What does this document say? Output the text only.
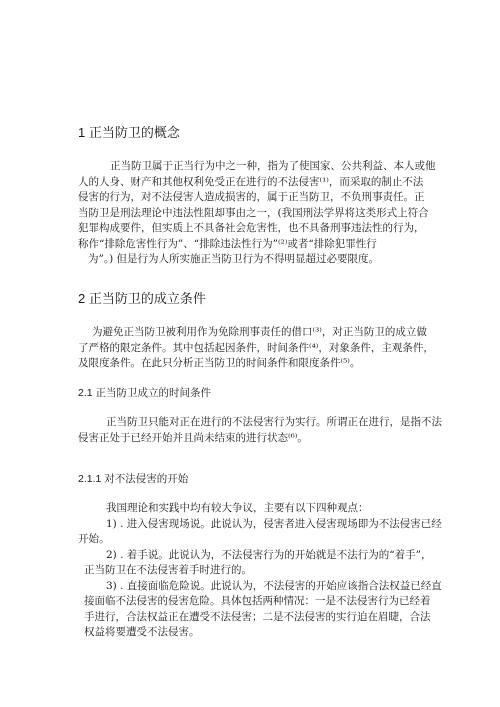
1 正当防卫的概念
正当防卫属于正当行为中之一种，指为了使国家、公共利益、本人或他
人的人身、财产和其他权利免受正在进行的不法侵害⁽¹⁾，而采取的制止不法
侵害的行为，对不法侵害人造成损害的，属于正当防卫，不负刑事责任。正
当防卫是刑法理论中违法性阻却事由之一，(我国刑法学界将这类形式上符合
犯罪构成要件，但实质上不具备社会危害性，也不具备刑事违法性的行为，
称作“排除危害性行为”、“排除违法性行为”⁽²⁾或者“排除犯罪性行
为”。) 但是行为人所实施正当防卫行为不得明显超过必要限度。
2 正当防卫的成立条件
为避免正当防卫被利用作为免除刑事责任的借口⁽³⁾，对正当防卫的成立做
了严格的限定条件。其中包括起因条件，时间条件⁽⁴⁾，对象条件，主观条件，
及限度条件。在此只分析正当防卫的时间条件和限度条件⁽⁵⁾。
2.1 正当防卫成立的时间条件
正当防卫只能对正在进行的不法侵害行为实行。所谓正在进行，是指不法
侵害正处于已经开始并且尚未结束的进行状态⁽⁶⁾。
2.1.1 对不法侵害的开始
我国理论和实践中均有较大争议，主要有以下四种观点：
1) . 进入侵害现场说。此说认为，侵害者进入侵害现场即为不法侵害已经
开始。
2) . 着手说。此说认为，不法侵害行为的开始就是不法行为的“着手”，
正当防卫在不法侵害着手时进行的。
3) . 直接面临危险说。此说认为，不法侵害的开始应该指合法权益已经直
接面临不法侵害的侵害危险。具体包括两种情况：一是不法侵害行为已经着
手进行，合法权益正在遭受不法侵害；二是不法侵害的实行迫在眉睫，合法
权益将要遭受不法侵害。
